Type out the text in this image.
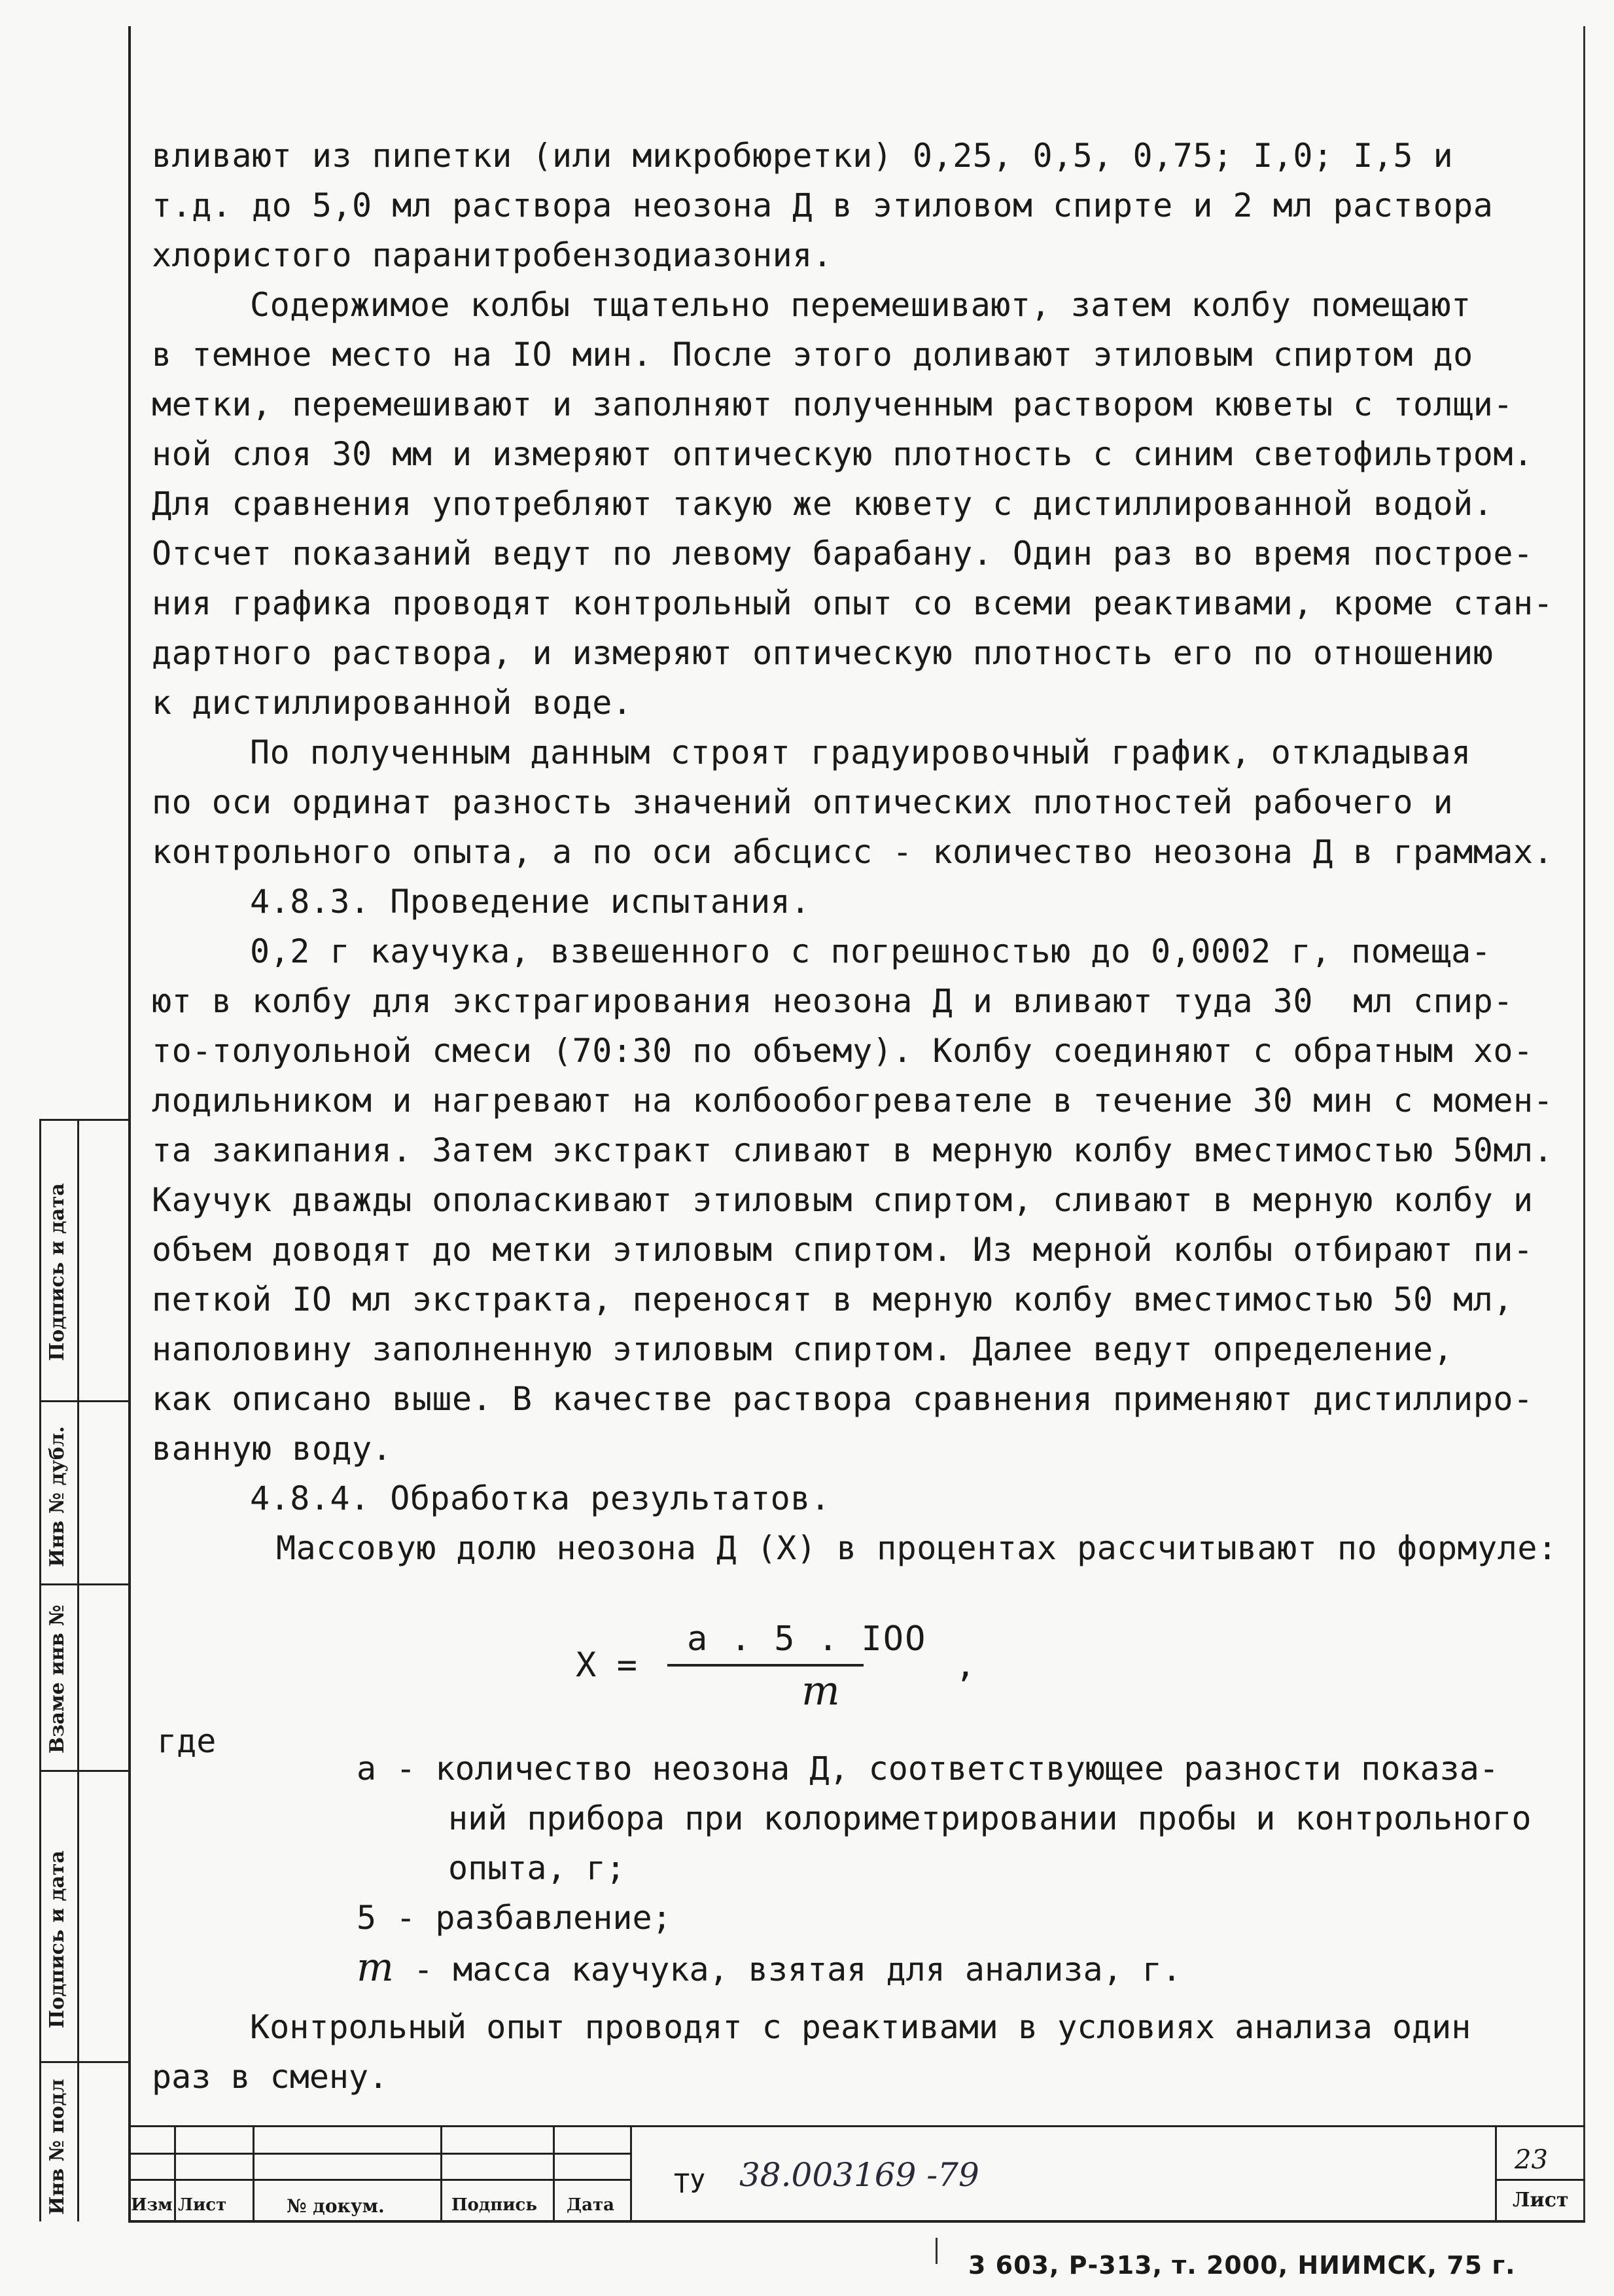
вливают из пипетки (или микробюретки) 0,25, 0,5, 0,75; I,0; I,5 и
т.д. до 5,0 мл раствора неозона Д в этиловом спирте и 2 мл раствора
хлористого паранитробензодиазония.
Содержимое колбы тщательно перемешивают, затем колбу помещают
в темное место на IO мин. После этого доливают этиловым спиртом до
метки, перемешивают и заполняют полученным раствором кюветы с толщи-
ной слоя 30 мм и измеряют оптическую плотность с синим светофильтром.
Для сравнения употребляют такую же кювету с дистиллированной водой.
Отсчет показаний ведут по левому барабану. Один раз во время построе-
ния графика проводят контрольный опыт со всеми реактивами, кроме стан-
дартного раствора, и измеряют оптическую плотность его по отношению
к дистиллированной воде.
По полученным данным строят градуировочный график, откладывая
по оси ординат разность значений оптических плотностей рабочего и
контрольного опыта, а по оси абсцисс - количество неозона Д в граммах.
4.8.3. Проведение испытания.
0,2 г каучука, взвешенного с погрешностью до 0,0002 г, помеща-
ют в колбу для экстрагирования неозона Д и вливают туда 30  мл спир-
то-толуольной смеси (70:30 по объему). Колбу соединяют с обратным хо-
лодильником и нагревают на колбообогревателе в течение 30 мин с момен-
та закипания. Затем экстракт сливают в мерную колбу вместимостью 50мл.
Каучук дважды ополаскивают этиловым спиртом, сливают в мерную колбу и
объем доводят до метки этиловым спиртом. Из мерной колбы отбирают пи-
петкой IO мл экстракта, переносят в мерную колбу вместимостью 50 мл,
наполовину заполненную этиловым спиртом. Далее ведут определение,
как описано выше. В качестве раствора сравнения применяют дистиллиро-
ванную воду.
4.8.4. Обработка результатов.
Массовую долю неозона Д (X) в процентах рассчитывают по формуле:
X =
а . 5 . IOO
m
,
где
а - количество неозона Д, соответствующее разности показа-
ний прибора при колориметрировании пробы и контрольного
опыта, г;
5 - разбавление;
m - масса каучука, взятая для анализа, г.
Контрольный опыт проводят с реактивами в условиях анализа один
раз в смену.
Подпись и дата
Инв № дубл.
Взаме инв №
Подпись и дата
Инв № подл	Изм Лист	№ докум.	Подпись Дата
ТУ 38.003169 -79	23
Лист
3 603, Р-313, т. 2000, НИИМСК, 75 г.
